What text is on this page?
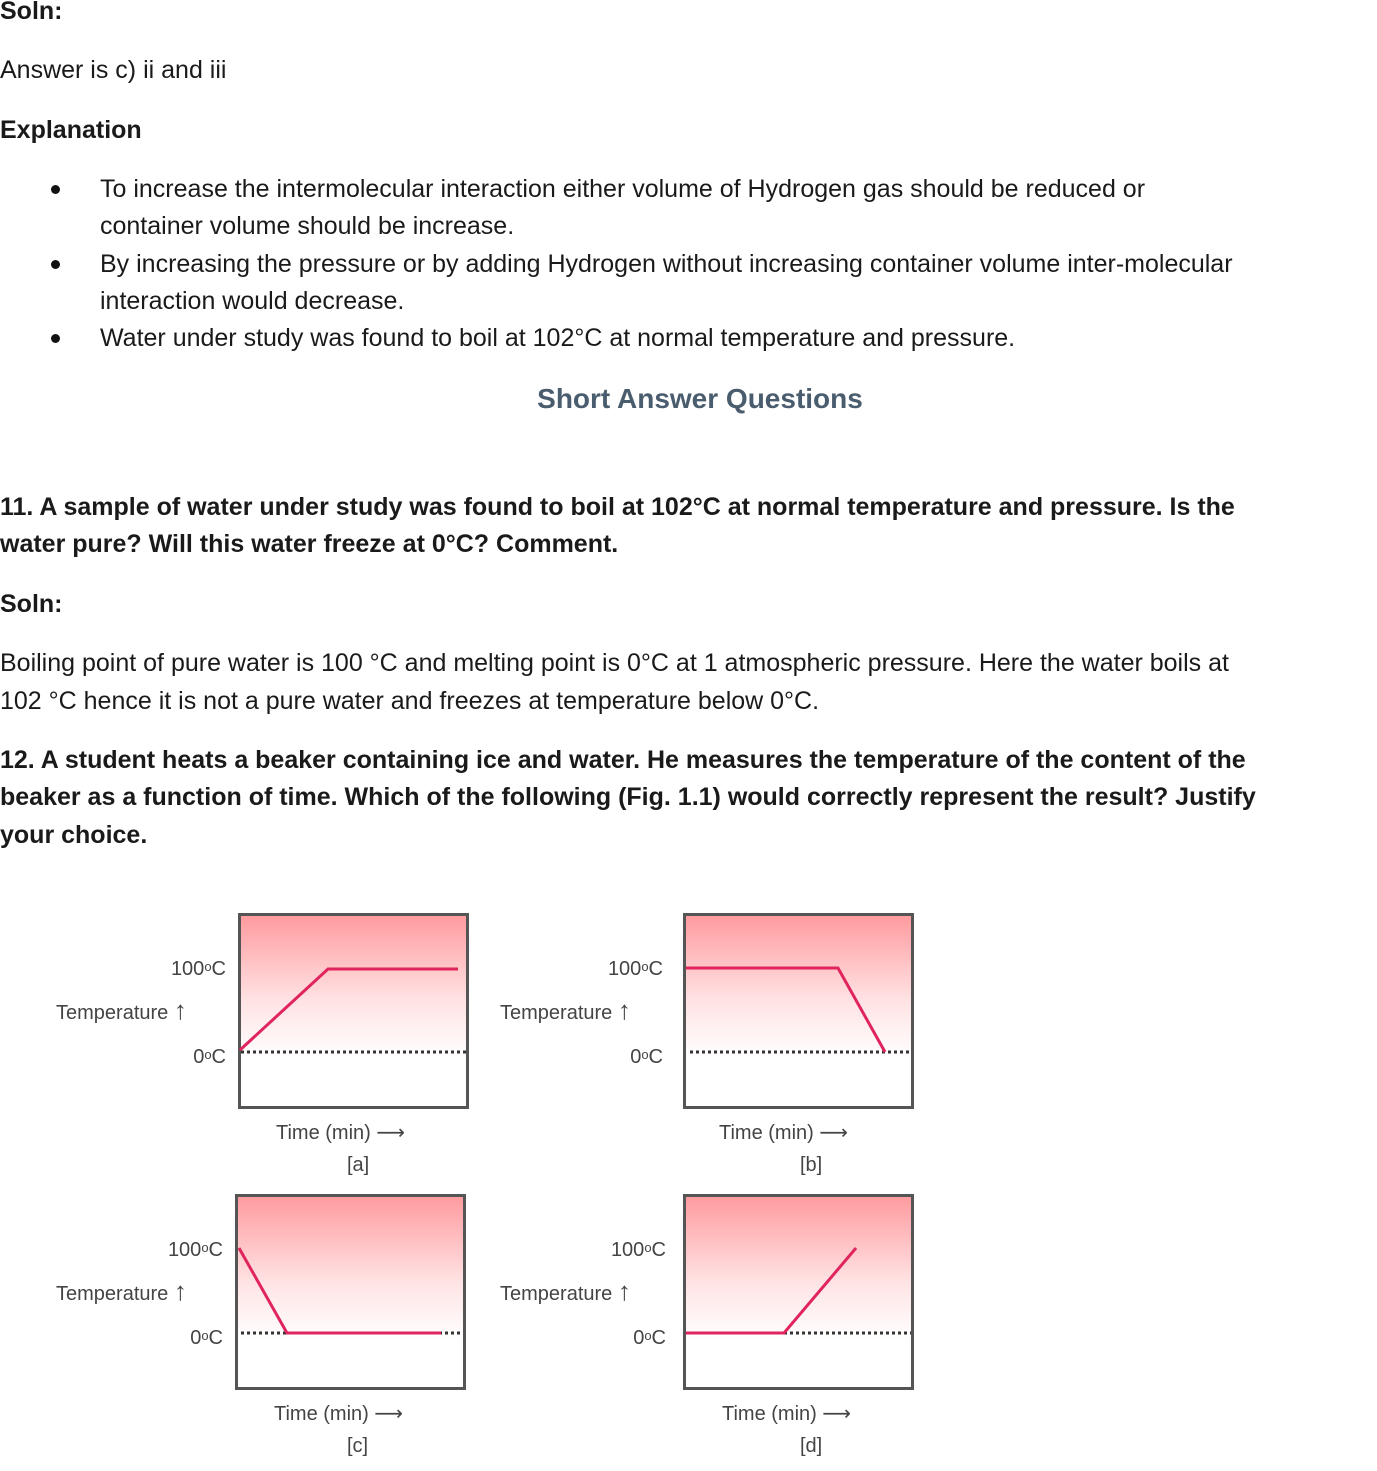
Soln:
Answer is c) ii and iii
Explanation
To increase the intermolecular interaction either volume of Hydrogen gas should be reduced or
container volume should be increase.
By increasing the pressure or by adding Hydrogen without increasing container volume inter-molecular
interaction would decrease.
Water under study was found to boil at 102°C at normal temperature and pressure.
Short Answer Questions
11. A sample of water under study was found to boil at 102°C at normal temperature and pressure. Is the
water pure? Will this water freeze at 0°C? Comment.
Soln:
Boiling point of pure water is 100 °C and melting point is 0°C at 1 atmospheric pressure. Here the water boils at
102 °C hence it is not a pure water and freezes at temperature below 0°C.
12. A student heats a beaker containing ice and water. He measures the temperature of the content of the
beaker as a function of time. Which of the following (Fig. 1.1) would correctly represent the result? Justify
your choice.
100$^o$C
Temperature ↑
0$^o$C
Time (min) ⟶
[a]
100$^o$C
Temperature ↑
0$^o$C
Time (min) ⟶
[b]
100$^o$C
Temperature ↑
0$^o$C
Time (min) ⟶
[c]
100$^o$C
Temperature ↑
0$^o$C
Time (min) ⟶
[d]
